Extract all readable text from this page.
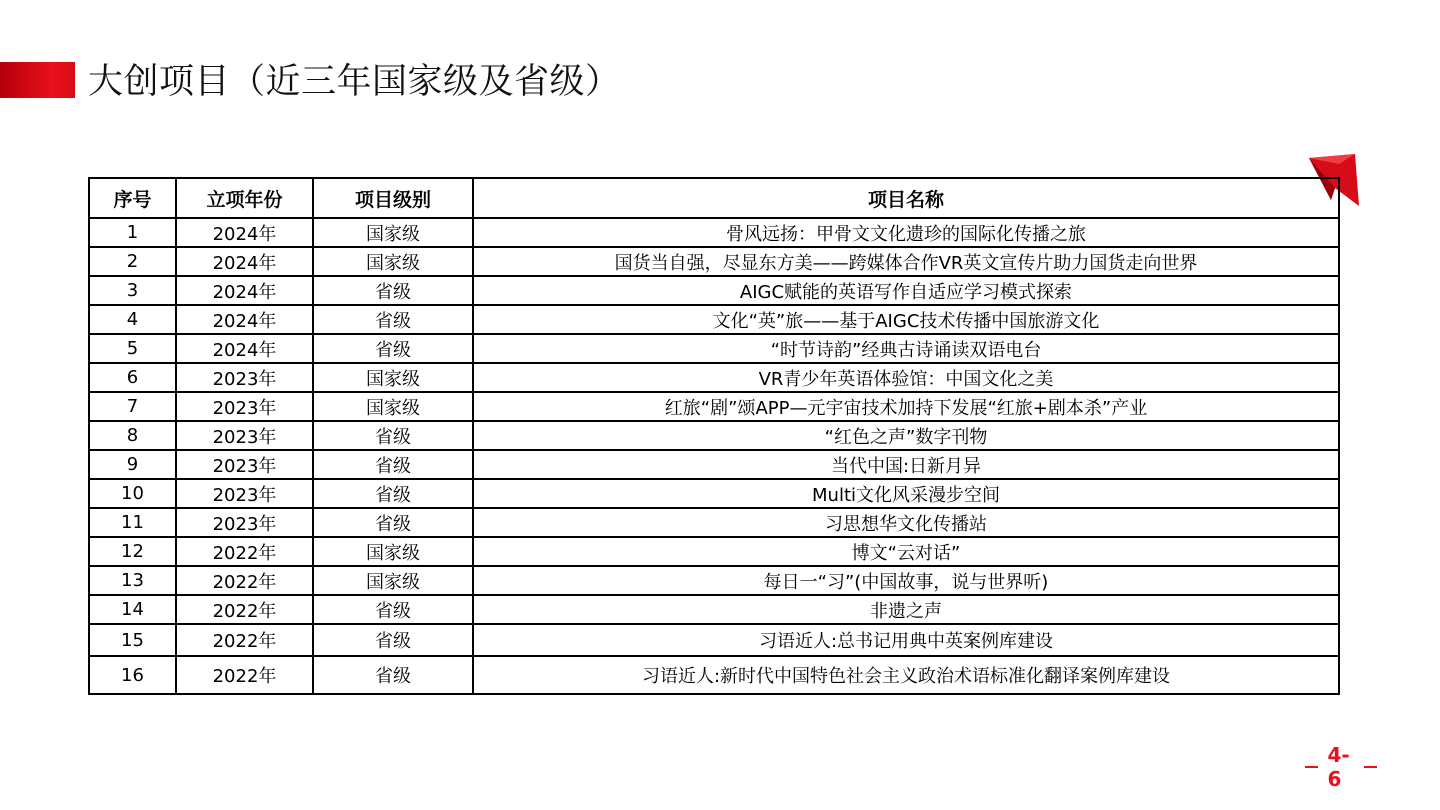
大创项目（近三年国家级及省级）
序号	立项年份	项目级别	项目名称
1	2024年	国家级	骨风远扬：甲骨文文化遗珍的国际化传播之旅
2	2024年	国家级	国货当自强，尽显东方美——跨媒体合作VR英文宣传片助力国货走向世界
3	2024年	省级	AIGC赋能的英语写作自适应学习模式探索
4	2024年	省级	文化“英”旅——基于AIGC技术传播中国旅游文化
5	2024年	省级	“时节诗韵”经典古诗诵读双语电台
6	2023年	国家级	VR青少年英语体验馆：中国文化之美
7	2023年	国家级	红旅“剧”颂APP—元宇宙技术加持下发展“红旅+剧本杀”产业
8	2023年	省级	“红色之声”数字刊物
9	2023年	省级	当代中国:日新月异
10	2023年	省级	Multi文化风采漫步空间
11	2023年	省级	习思想华文化传播站
12	2022年	国家级	博文“云对话”
13	2022年	国家级	每日一“习”(中国故事，说与世界听)
14	2022年	省级	非遗之声
15	2022年	省级	习语近人:总书记用典中英案例库建设
16	2022年	省级	习语近人:新时代中国特色社会主义政治术语标准化翻译案例库建设
4-6
